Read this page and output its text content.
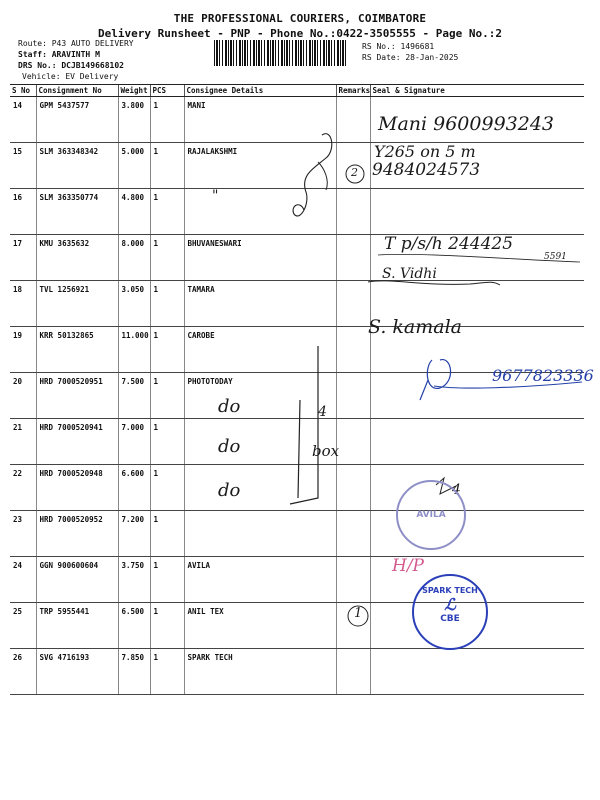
THE PROFESSIONAL COURIERS, COIMBATORE
Delivery Runsheet - PNP - Phone No.:0422-3505555 - Page No.:2
Route: P43 AUTO DELIVERY
Staff: ARAVINTH M
DRS No.: DCJB149668102
Vehicle: EV Delivery
RS No.: 1496681
RS Date: 28-Jan-2025
S No	Consignment No	Weight	PCS	Consignee Details	Remarks	Seal & Signature
14	GPM 5437577	3.800	1	MANI		
15	SLM 363348342	5.000	1	RAJALAKSHMI		
16	SLM 363350774	4.800	1			
17	KMU 3635632	8.000	1	BHUVANESWARI		
18	TVL 1256921	3.050	1	TAMARA		
19	KRR 50132865	11.000	1	CAROBE		
20	HRD 7000520951	7.500	1	PHOTOTODAY		
21	HRD 7000520941	7.000	1			
22	HRD 7000520948	6.600	1			
23	HRD 7000520952	7.200	1			
24	GGN 900600604	3.750	1	AVILA		
25	TRP 5955441	6.500	1	ANIL TEX		
26	SVG 4716193	7.850	1	SPARK TECH		
Mani 9600993243
Y265 on 5 m
9484024573
2
"
T p/s/h 244425
5591
S. Vidhi
S. kamala
9677823336
do
do
do
4
box
4
H/P
1
AVILA
SPARK TECH
ℒ
CBE
